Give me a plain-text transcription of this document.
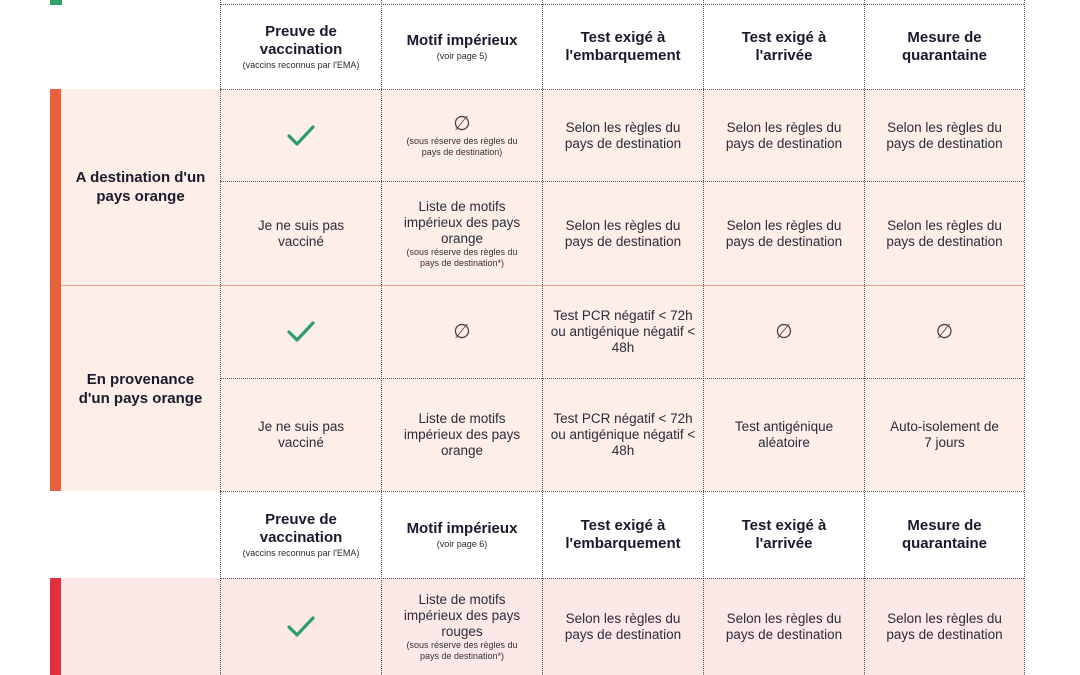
Preuve de vaccination
(vaccins reconnus par l'EMA)
Motif impérieux
(voir page 5)
Test exigé à l'embarquement
Test exigé à l'arrivée
Mesure de quarantaine
A destination d'un pays orange
∅
(sous réserve des règles du pays de destination)
Selon les règles du pays de destination
Selon les règles du pays de destination
Selon les règles du pays de destination
Je ne suis pas vacciné
Liste de motifs impérieux des pays orange
(sous réserve des règles du pays de destination*)
Selon les règles du pays de destination
Selon les règles du pays de destination
Selon les règles du pays de destination
En provenance d'un pays orange
∅
Test PCR négatif < 72h ou antigénique négatif < 48h
∅	∅
Je ne suis pas vacciné
Liste de motifs impérieux des pays orange
Test PCR négatif < 72h ou antigénique négatif < 48h
Test antigénique aléatoire
Auto-isolement de 7 jours
Preuve de vaccination
(vaccins reconnus par l'EMA)
Motif impérieux
(voir page 6)
Test exigé à l'embarquement
Test exigé à l'arrivée
Mesure de quarantaine
Liste de motifs impérieux des pays rouges
(sous réserve des règles du pays de destination*)
Selon les règles du pays de destination
Selon les règles du pays de destination
Selon les règles du pays de destination
